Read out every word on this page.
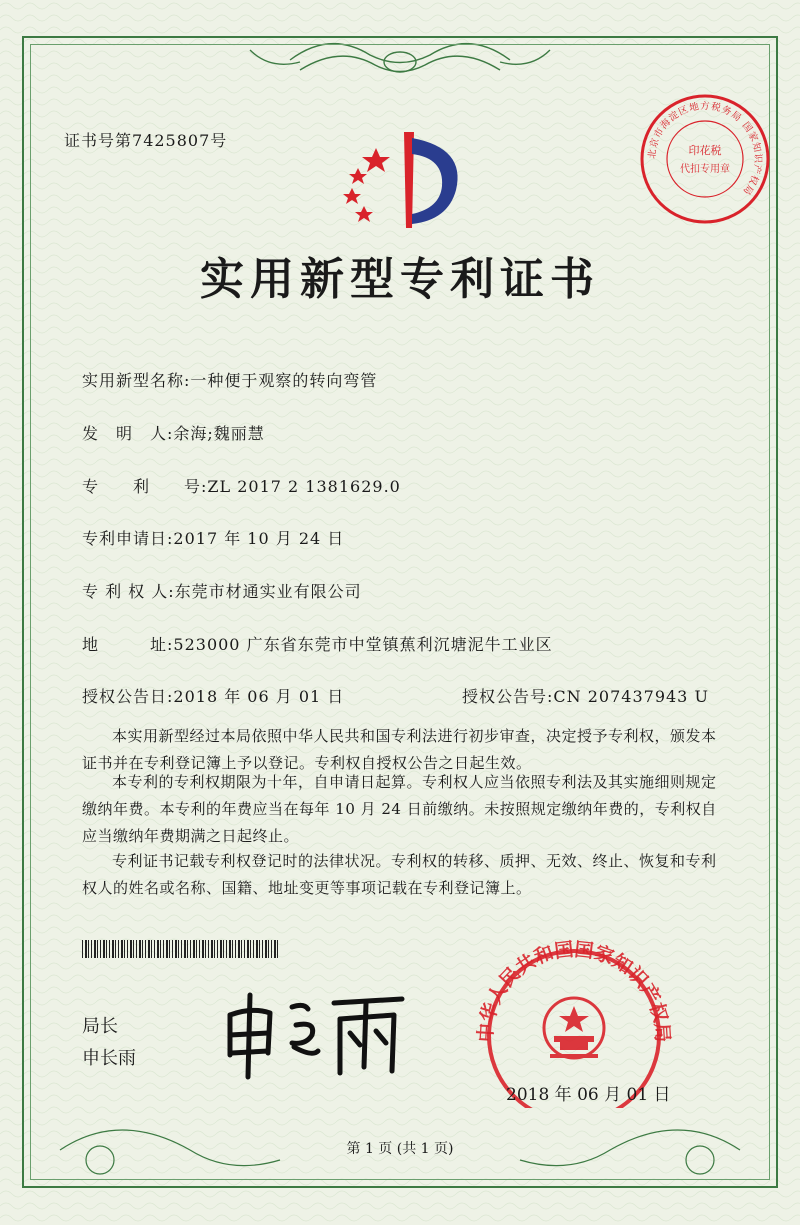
证书号第7425807号
北京市海淀区地方税务局 国家知识产权局
印花税
代扣专用章
实用新型专利证书
实用新型名称:一种便于观察的转向弯管
发　明　人:余海;魏丽慧
专　　利　　号:ZL 2017 2 1381629.0
专利申请日:2017 年 10 月 24 日
专 利 权 人:东莞市材通实业有限公司
地　　　址:523000 广东省东莞市中堂镇蕉利沉塘泥牛工业区
授权公告日:2018 年 06 月 01 日	授权公告号:CN 207437943 U
本实用新型经过本局依照中华人民共和国专利法进行初步审查，决定授予专利权，颁发本证书并在专利登记簿上予以登记。专利权自授权公告之日起生效。
本专利的专利权期限为十年，自申请日起算。专利权人应当依照专利法及其实施细则规定缴纳年费。本专利的年费应当在每年 10 月 24 日前缴纳。未按照规定缴纳年费的，专利权自应当缴纳年费期满之日起终止。
专利证书记载专利权登记时的法律状况。专利权的转移、质押、无效、终止、恢复和专利权人的姓名或名称、国籍、地址变更等事项记载在专利登记簿上。
局长
申长雨
中华人民共和国国家知识产权局
2018 年 06 月 01 日
第 1 页 (共 1 页)
